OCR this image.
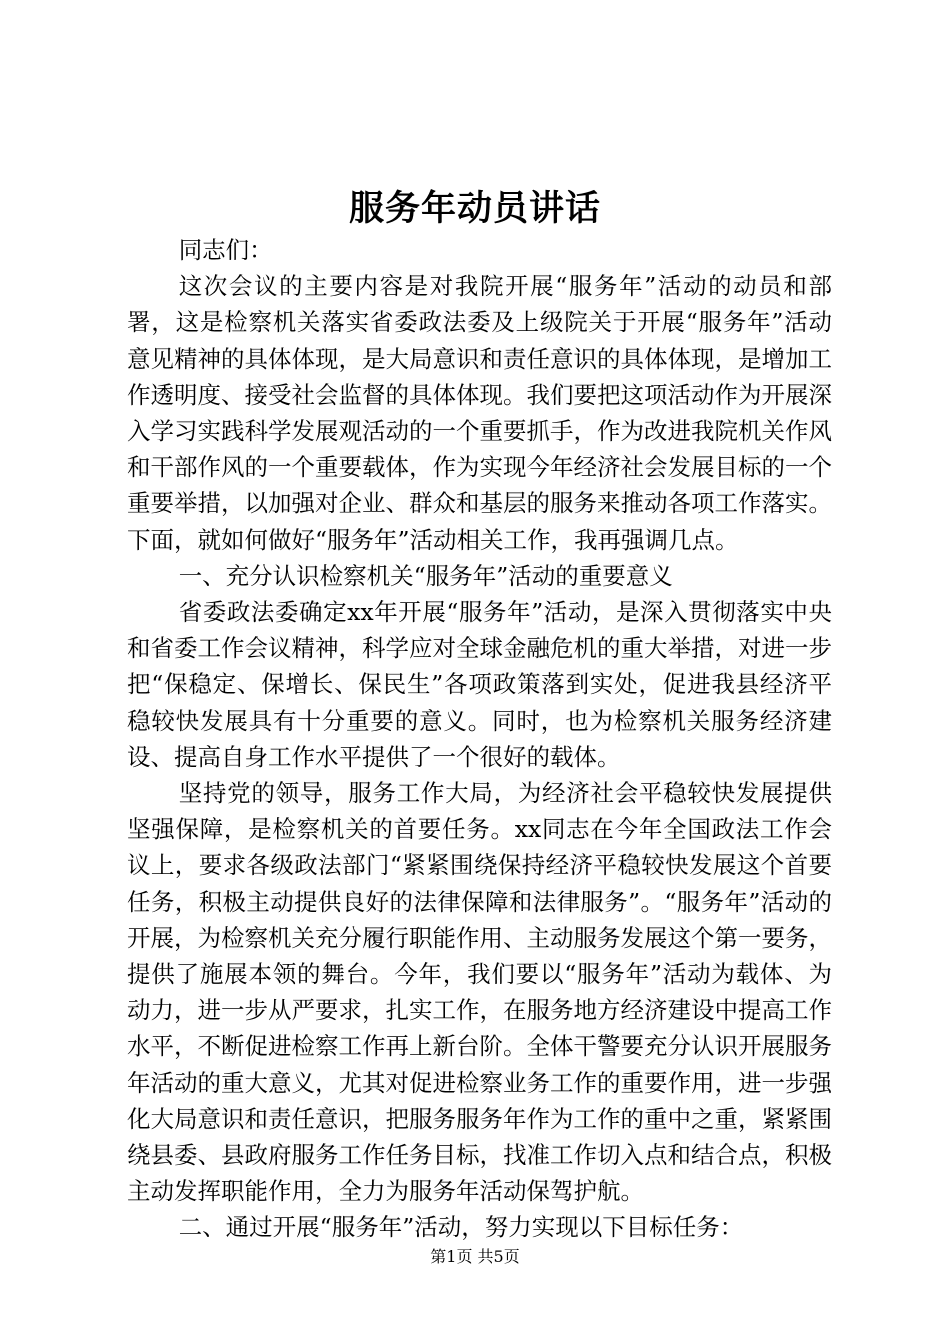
服务年动员讲话

同志们：

这次会议的主要内容是对我院开展“服务年”活动的动员和部署，这是检察机关落实省委政法委及上级院关于开展“服务年”活动意见精神的具体体现，是大局意识和责任意识的具体体现，是增加工作透明度、接受社会监督的具体体现。我们要把这项活动作为开展深入学习实践科学发展观活动的一个重要抓手，作为改进我院机关作风和干部作风的一个重要载体，作为实现今年经济社会发展目标的一个重要举措，以加强对企业、群众和基层的服务来推动各项工作落实。下面，就如何做好“服务年”活动相关工作，我再强调几点。

一、充分认识检察机关“服务年”活动的重要意义

省委政法委确定xx年开展“服务年”活动，是深入贯彻落实中央和省委工作会议精神，科学应对全球金融危机的重大举措，对进一步把“保稳定、保增长、保民生”各项政策落到实处，促进我县经济平稳较快发展具有十分重要的意义。同时，也为检察机关服务经济建设、提高自身工作水平提供了一个很好的载体。

坚持党的领导，服务工作大局，为经济社会平稳较快发展提供坚强保障，是检察机关的首要任务。xx同志在今年全国政法工作会议上，要求各级政法部门“紧紧围绕保持经济平稳较快发展这个首要任务，积极主动提供良好的法律保障和法律服务”。“服务年”活动的开展，为检察机关充分履行职能作用、主动服务发展这个第一要务，提供了施展本领的舞台。今年，我们要以“服务年”活动为载体、为动力，进一步从严要求，扎实工作，在服务地方经济建设中提高工作水平，不断促进检察工作再上新台阶。全体干警要充分认识开展服务年活动的重大意义，尤其对促进检察业务工作的重要作用，进一步强化大局意识和责任意识，把服务服务年作为工作的重中之重，紧紧围绕县委、县政府服务工作任务目标，找准工作切入点和结合点，积极主动发挥职能作用，全力为服务年活动保驾护航。

二、通过开展“服务年”活动，努力实现以下目标任务：

第1页 共5页
